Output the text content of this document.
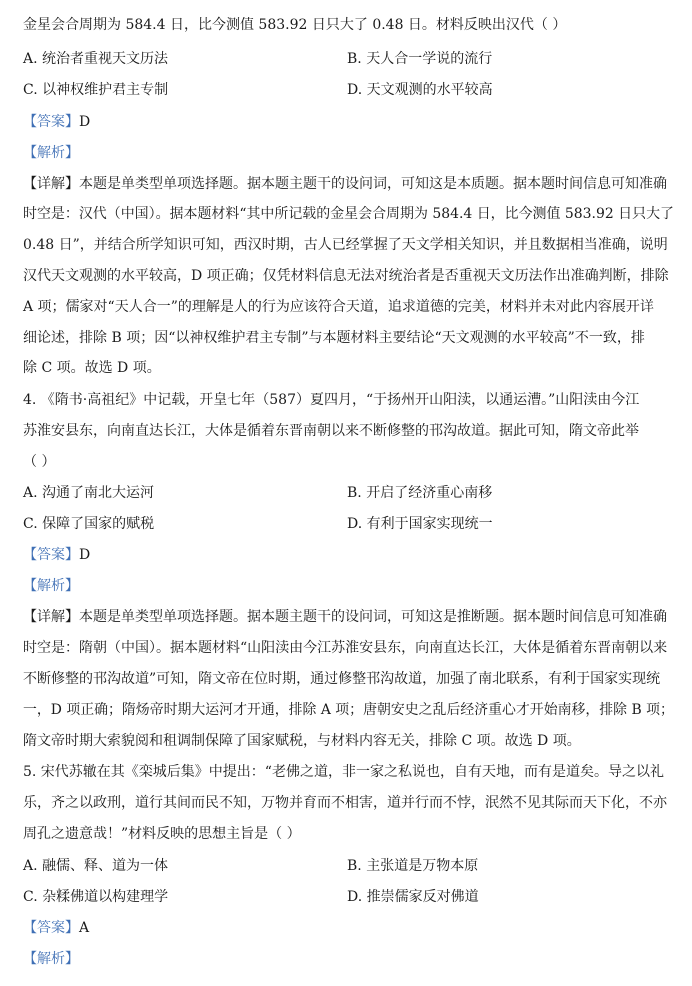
金星会合周期为 584.4 日，比今测值 583.92 日只大了 0.48 日。材料反映出汉代（ ）
A. 统治者重视天文历法	B. 天人合一学说的流行
C. 以神权维护君主专制	D. 天文观测的水平较高
【答案】D
【解析】
【详解】本题是单类型单项选择题。据本题主题干的设问词，可知这是本质题。据本题时间信息可知准确
时空是：汉代（中国）。据本题材料“其中所记载的金星会合周期为 584.4 日，比今测值 583.92 日只大了
0.48 日”，并结合所学知识可知，西汉时期，古人已经掌握了天文学相关知识，并且数据相当准确，说明
汉代天文观测的水平较高，D 项正确；仅凭材料信息无法对统治者是否重视天文历法作出准确判断，排除
A 项；儒家对“天人合一”的理解是人的行为应该符合天道，追求道德的完美，材料并未对此内容展开详
细论述，排除 B 项；因“以神权维护君主专制”与本题材料主要结论“天文观测的水平较高”不一致，排
除 C 项。故选 D 项。
4. 《隋书·高祖纪》中记载，开皇七年（587）夏四月，“于扬州开山阳渎，以通运漕。”山阳渎由今江
苏淮安县东，向南直达长江，大体是循着东晋南朝以来不断修整的邗沟故道。据此可知，隋文帝此举
（ ）
A. 沟通了南北大运河	B. 开启了经济重心南移
C. 保障了国家的赋税	D. 有利于国家实现统一
【答案】D
【解析】
【详解】本题是单类型单项选择题。据本题主题干的设问词，可知这是推断题。据本题时间信息可知准确
时空是：隋朝（中国）。据本题材料“山阳渎由今江苏淮安县东，向南直达长江，大体是循着东晋南朝以来
不断修整的邗沟故道”可知，隋文帝在位时期，通过修整邗沟故道，加强了南北联系，有利于国家实现统
一，D 项正确；隋炀帝时期大运河才开通，排除 A 项；唐朝安史之乱后经济重心才开始南移，排除 B 项；
隋文帝时期大索貌阅和租调制保障了国家赋税，与材料内容无关，排除 C 项。故选 D 项。
5. 宋代苏辙在其《栾城后集》中提出：“老佛之道，非一家之私说也，自有天地，而有是道矣。导之以礼
乐，齐之以政刑，道行其间而民不知，万物并育而不相害，道并行而不悖，泯然不见其际而天下化，不亦
周孔之遗意哉！”材料反映的思想主旨是（ ）
A. 融儒、释、道为一体	B. 主张道是万物本原
C. 杂糅佛道以构建理学	D. 推崇儒家反对佛道
【答案】A
【解析】
